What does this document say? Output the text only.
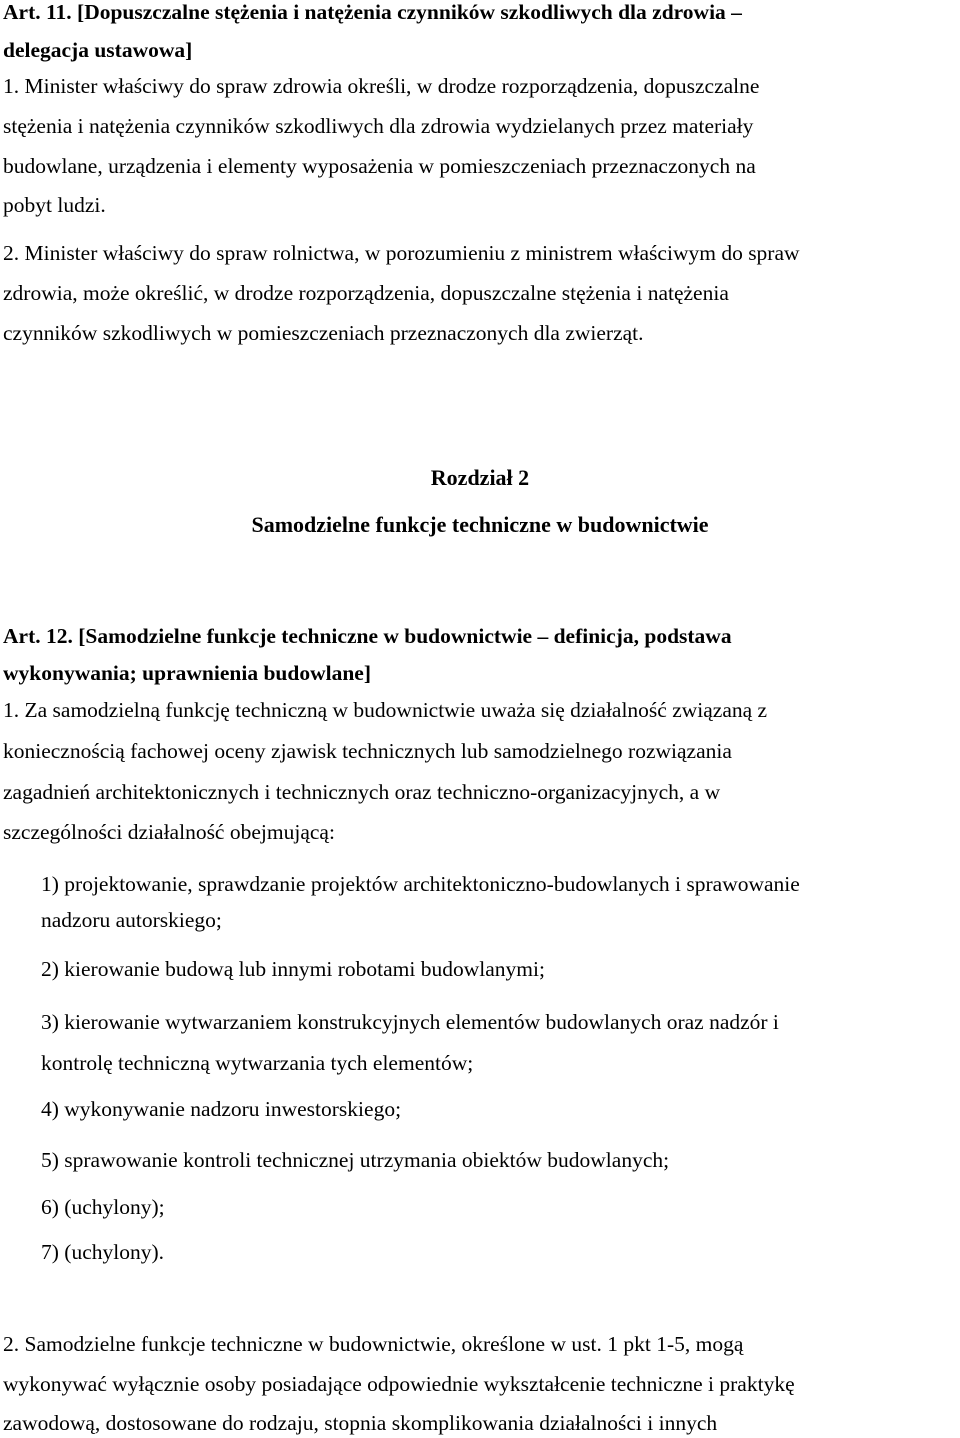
Art. 11. [Dopuszczalne stężenia i natężenia czynników szkodliwych dla zdrowia –
delegacja ustawowa]
1. Minister właściwy do spraw zdrowia określi, w drodze rozporządzenia, dopuszczalne
stężenia i natężenia czynników szkodliwych dla zdrowia wydzielanych przez materiały
budowlane, urządzenia i elementy wyposażenia w pomieszczeniach przeznaczonych na
pobyt ludzi.
2. Minister właściwy do spraw rolnictwa, w porozumieniu z ministrem właściwym do spraw
zdrowia, może określić, w drodze rozporządzenia, dopuszczalne stężenia i natężenia
czynników szkodliwych w pomieszczeniach przeznaczonych dla zwierząt.
Rozdział 2
Samodzielne funkcje techniczne w budownictwie
Art. 12. [Samodzielne funkcje techniczne w budownictwie – definicja, podstawa
wykonywania; uprawnienia budowlane]
1. Za samodzielną funkcję techniczną w budownictwie uważa się działalność związaną z
koniecznością fachowej oceny zjawisk technicznych lub samodzielnego rozwiązania
zagadnień architektonicznych i technicznych oraz techniczno-organizacyjnych, a w
szczególności działalność obejmującą:
1) projektowanie, sprawdzanie projektów architektoniczno-budowlanych i sprawowanie
nadzoru autorskiego;
2) kierowanie budową lub innymi robotami budowlanymi;
3) kierowanie wytwarzaniem konstrukcyjnych elementów budowlanych oraz nadzór i
kontrolę techniczną wytwarzania tych elementów;
4) wykonywanie nadzoru inwestorskiego;
5) sprawowanie kontroli technicznej utrzymania obiektów budowlanych;
6) (uchylony);
7) (uchylony).
2. Samodzielne funkcje techniczne w budownictwie, określone w ust. 1 pkt 1-5, mogą
wykonywać wyłącznie osoby posiadające odpowiednie wykształcenie techniczne i praktykę
zawodową, dostosowane do rodzaju, stopnia skomplikowania działalności i innych
